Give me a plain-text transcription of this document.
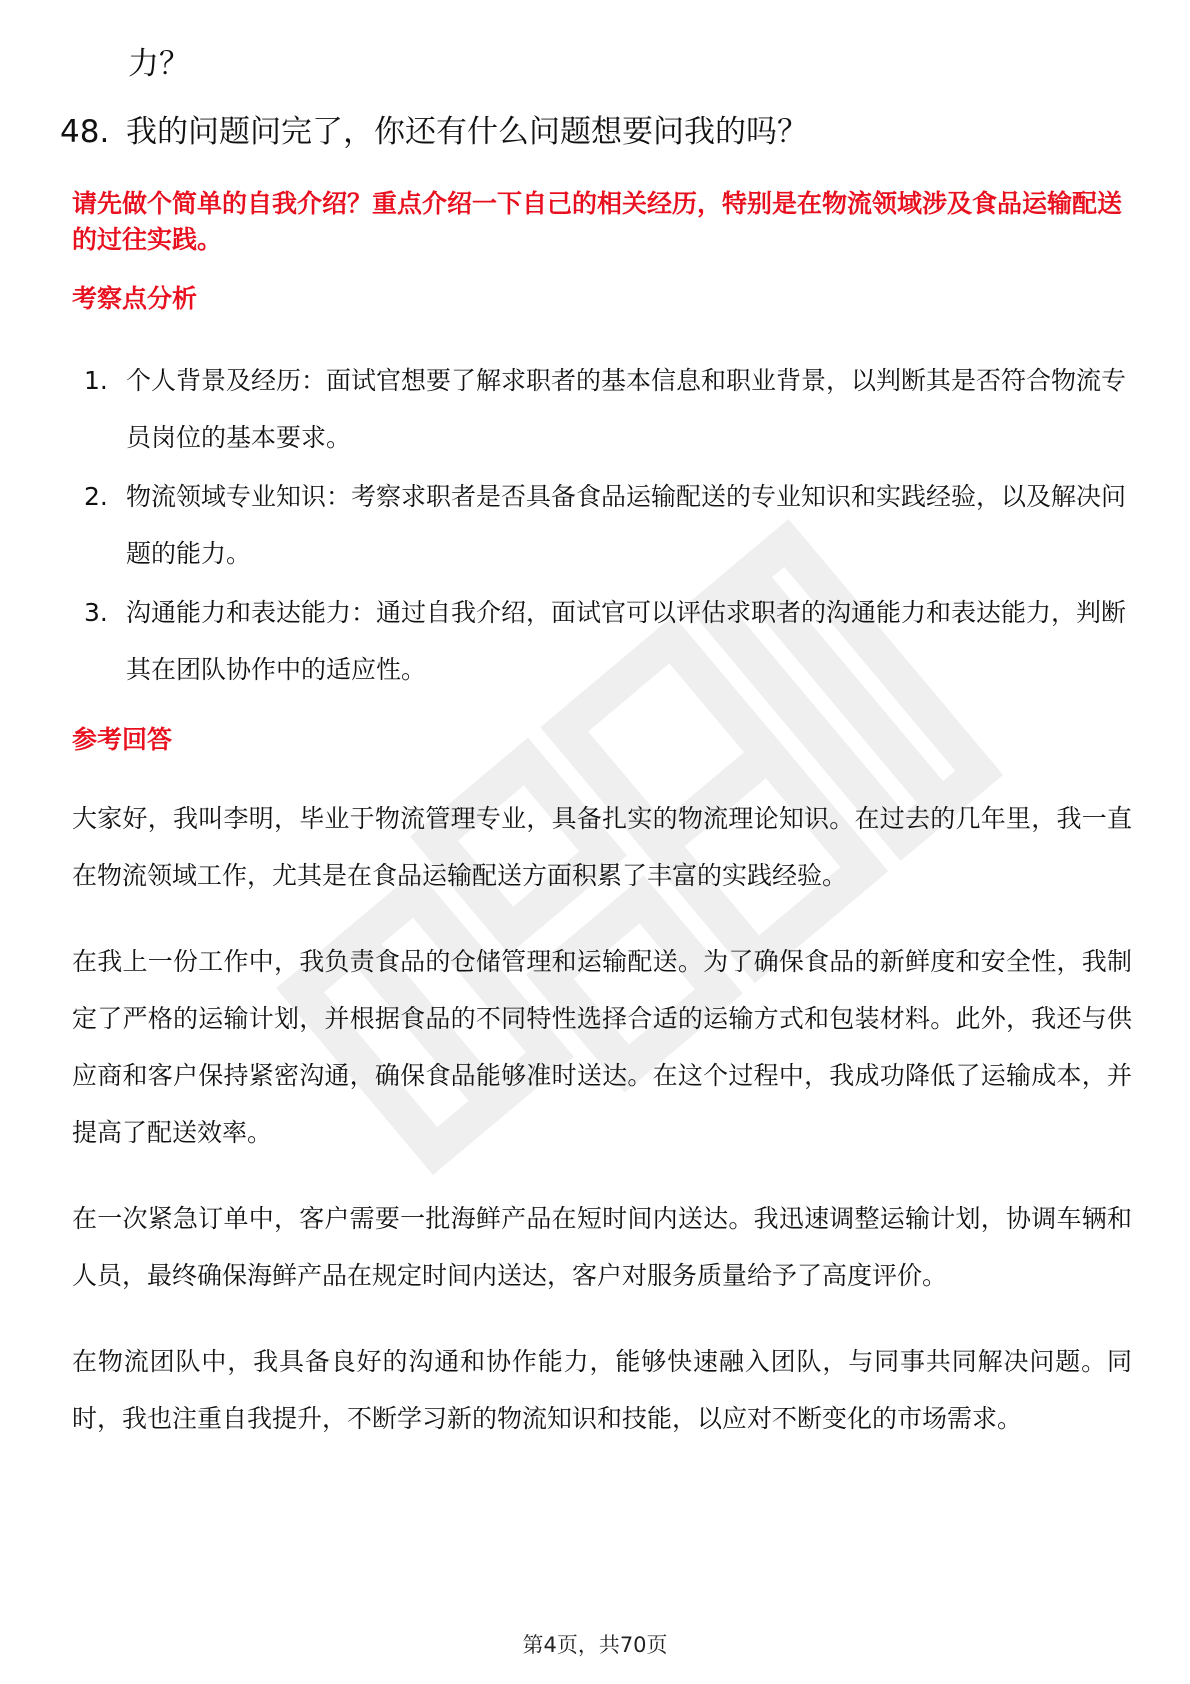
力？
48. 我的问题问完了，你还有什么问题想要问我的吗？
请先做个简单的自我介绍？重点介绍一下自己的相关经历，特别是在物流领域涉及食品运输配送的过往实践。
考察点分析
1. 个人背景及经历：面试官想要了解求职者的基本信息和职业背景，以判断其是否符合物流专员岗位的基本要求。
2. 物流领域专业知识：考察求职者是否具备食品运输配送的专业知识和实践经验，以及解决问题的能力。
3. 沟通能力和表达能力：通过自我介绍，面试官可以评估求职者的沟通能力和表达能力，判断其在团队协作中的适应性。
参考回答

大家好，我叫李明，毕业于物流管理专业，具备扎实的物流理论知识。在过去的几年里，我一直在物流领域工作，尤其是在食品运输配送方面积累了丰富的实践经验。

在我上一份工作中，我负责食品的仓储管理和运输配送。为了确保食品的新鲜度和安全性，我制定了严格的运输计划，并根据食品的不同特性选择合适的运输方式和包装材料。此外，我还与供应商和客户保持紧密沟通，确保食品能够准时送达。在这个过程中，我成功降低了运输成本，并提高了配送效率。

在一次紧急订单中，客户需要一批海鲜产品在短时间内送达。我迅速调整运输计划，协调车辆和人员，最终确保海鲜产品在规定时间内送达，客户对服务质量给予了高度评价。

在物流团队中，我具备良好的沟通和协作能力，能够快速融入团队，与同事共同解决问题。同时，我也注重自我提升，不断学习新的物流知识和技能，以应对不断变化的市场需求。

第4页，共70页
